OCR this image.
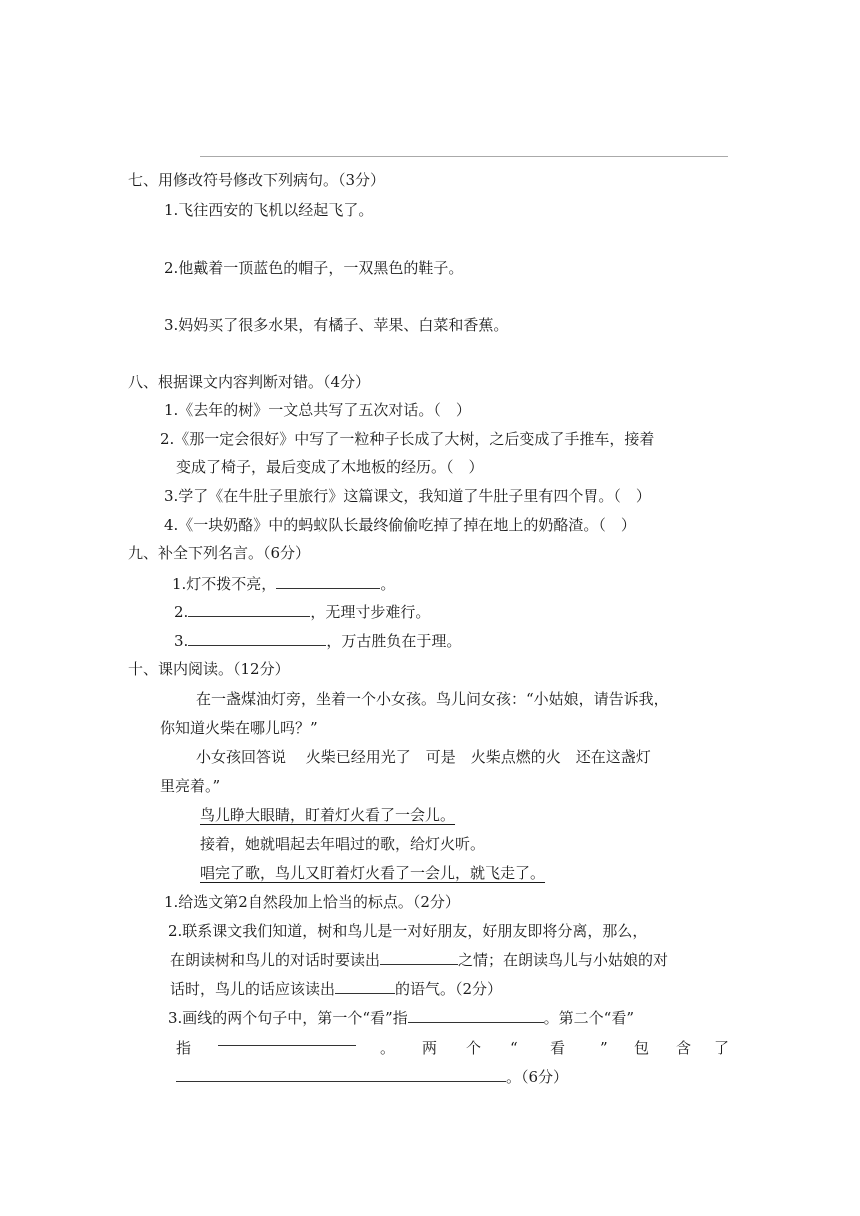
七、用修改符号修改下列病句。（3分）
1.飞往西安的飞机以经起飞了。
2.他戴着一顶蓝色的帽子，一双黑色的鞋子。
3.妈妈买了很多水果，有橘子、苹果、白菜和香蕉。
八、根据课文内容判断对错。（4分）
1.《去年的树》一文总共写了五次对话。（　）
2.《那一定会很好》中写了一粒种子长成了大树，之后变成了手推车，接着
变成了椅子，最后变成了木地板的经历。（　）
3.学了《在牛肚子里旅行》这篇课文，我知道了牛肚子里有四个胃。（　）
4.《一块奶酪》中的蚂蚁队长最终偷偷吃掉了掉在地上的奶酪渣。（　）
九、补全下列名言。（6分）
1.灯不拨不亮，	。
2.	，无理寸步难行。
3.	，万古胜负在于理。
十、课内阅读。（12分）
在一盏煤油灯旁，坐着一个小女孩。鸟儿问女孩：“小姑娘，请告诉我，
你知道火柴在哪儿吗？”
小女孩回答说　 火柴已经用光了　可是　火柴点燃的火　还在这盏灯
里亮着。”
鸟儿睁大眼睛，盯着灯火看了一会儿。
接着，她就唱起去年唱过的歌，给灯火听。
唱完了歌，鸟儿又盯着灯火看了一会儿，就飞走了。
1.给选文第2自然段加上恰当的标点。（2分）
2.联系课文我们知道，树和鸟儿是一对好朋友，好朋友即将分离，那么，
在朗读树和鸟儿的对话时要读出	之情；在朗读鸟儿与小姑娘的对
话时，鸟儿的话应该读出	的语气。（2分）
3.画线的两个句子中，第一个“看”指	。第二个“看”
指	。 两 个 “ 看 ” 包 含 了
。（6分）
